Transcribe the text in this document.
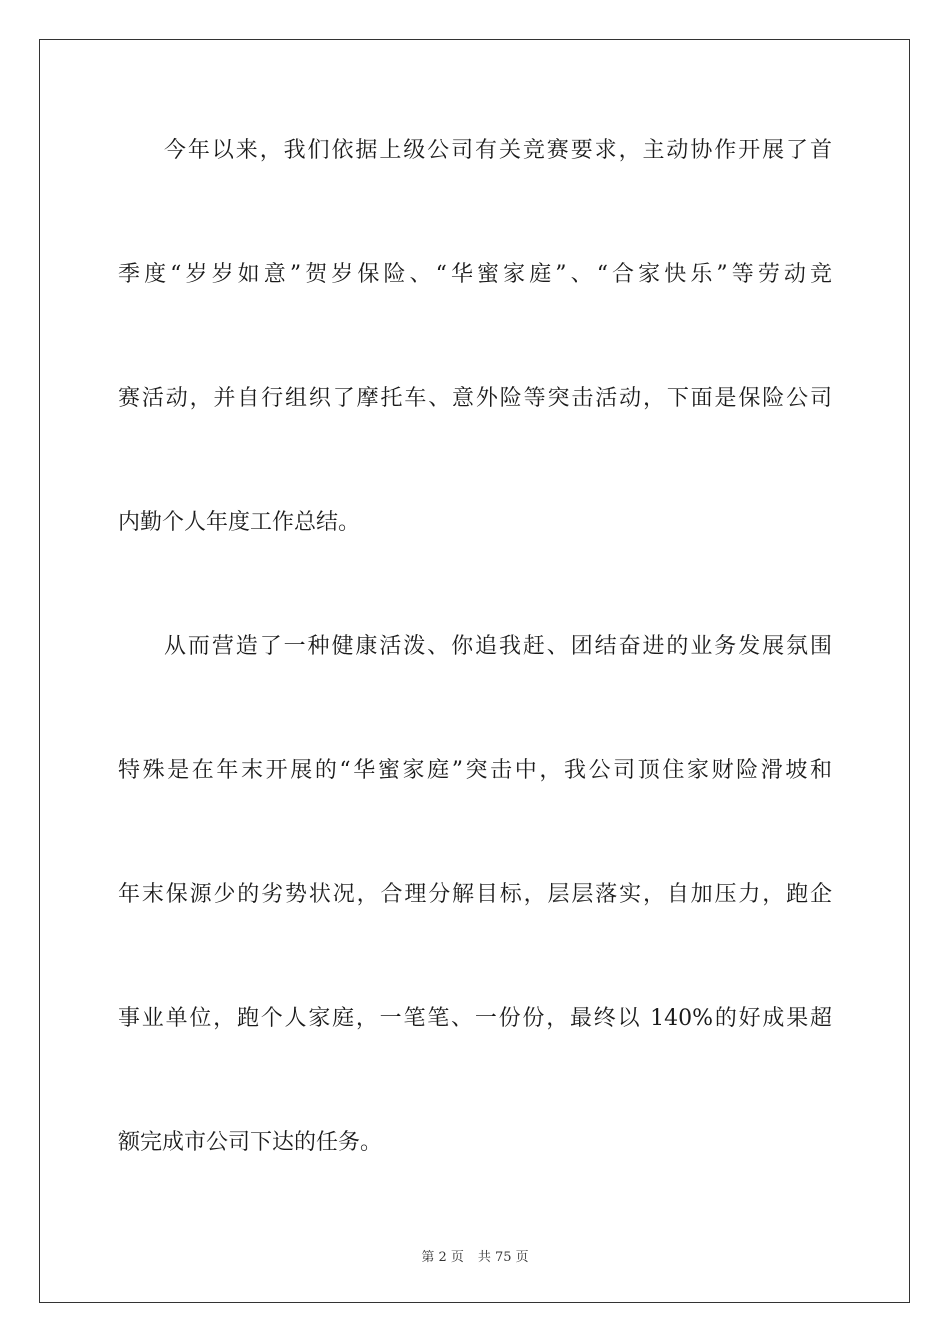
今年以来，我们依据上级公司有关竞赛要求，主动协作开展了首
季度“岁岁如意”贺岁保险、“华蜜家庭”、“合家快乐”等劳动竞
赛活动，并自行组织了摩托车、意外险等突击活动，下面是保险公司
内勤个人年度工作总结。
从而营造了一种健康活泼、你追我赶、团结奋进的业务发展氛围
特殊是在年末开展的“华蜜家庭”突击中，我公司顶住家财险滑坡和
年末保源少的劣势状况，合理分解目标，层层落实，自加压力，跑企
事业单位，跑个人家庭，一笔笔、一份份，最终以 140%的好成果超
额完成市公司下达的任务。
第 2 页 共 75 页
